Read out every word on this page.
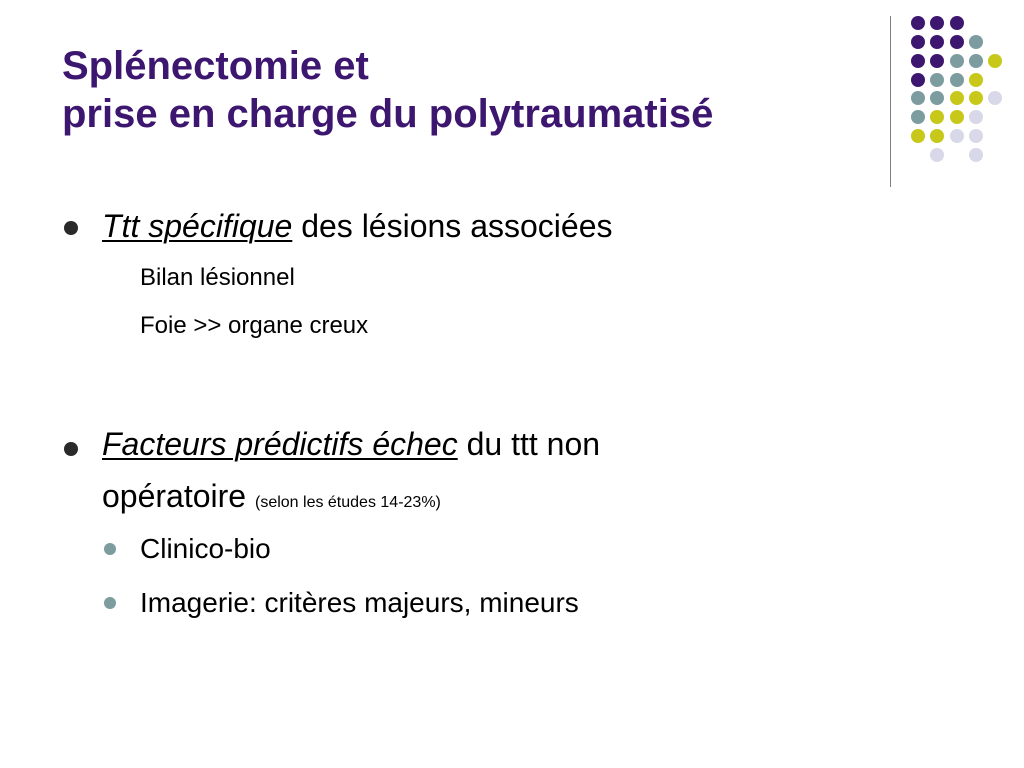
Splénectomie et
prise en charge du polytraumatisé
Ttt spécifique des lésions associées
Bilan lésionnel
Foie >> organe creux
Facteurs prédictifs échec du ttt non
opératoire (selon les études 14-23%)
Clinico-bio
Imagerie: critères majeurs, mineurs
